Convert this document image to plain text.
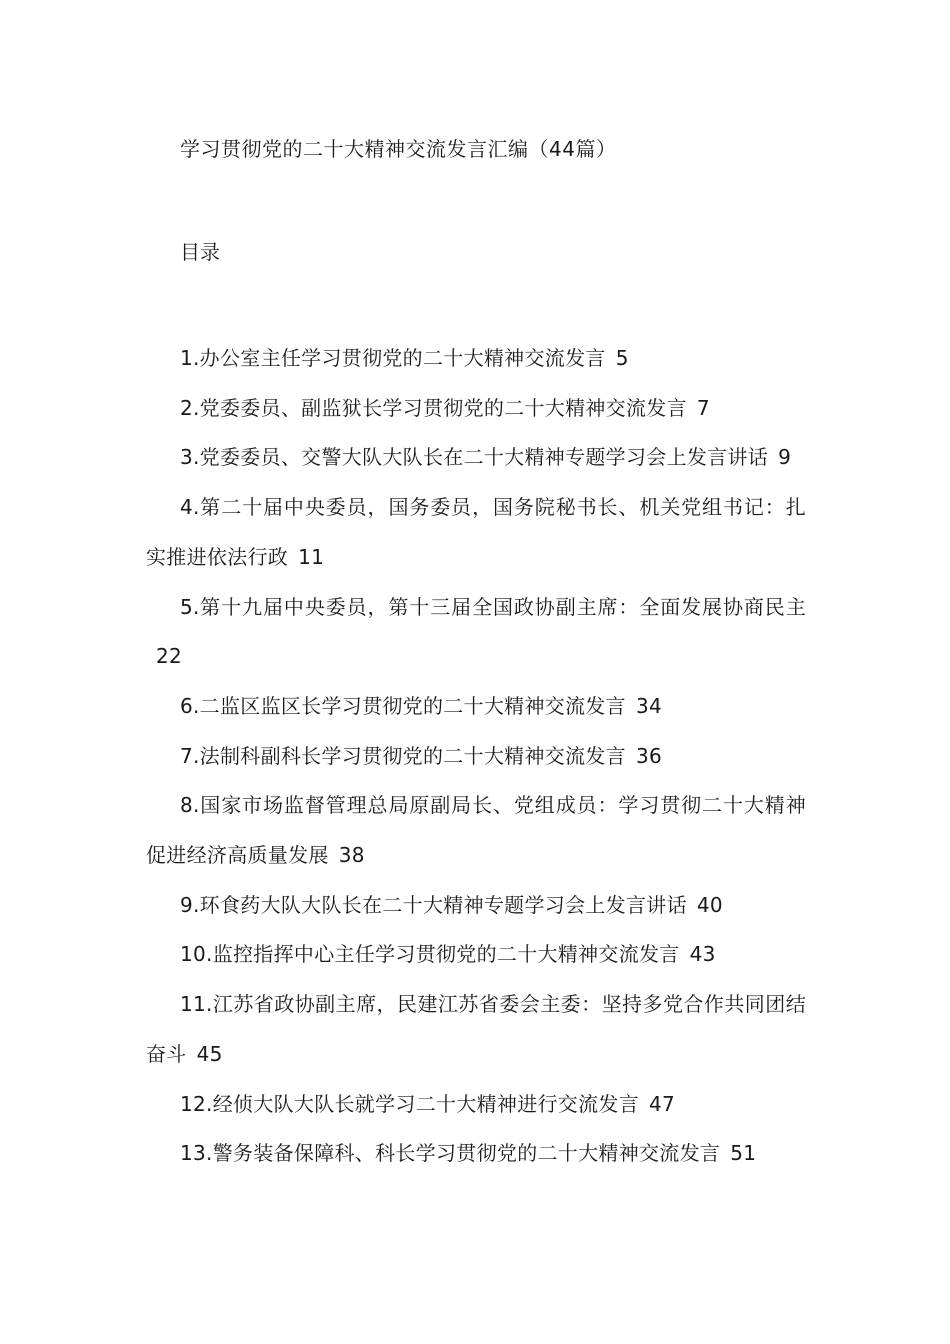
学习贯彻党的二十大精神交流发言汇编（44篇）
目录
1.办公室主任学习贯彻党的二十大精神交流发言 5
2.党委委员、副监狱长学习贯彻党的二十大精神交流发言 7
3.党委委员、交警大队大队长在二十大精神专题学习会上发言讲话 9
4.第二十届中央委员，国务委员，国务院秘书长、机关党组书记：扎实推进依法行政 11
5.第十九届中央委员，第十三届全国政协副主席：全面发展协商民主22
6.二监区监区长学习贯彻党的二十大精神交流发言 34
7.法制科副科长学习贯彻党的二十大精神交流发言 36
8.国家市场监督管理总局原副局长、党组成员：学习贯彻二十大精神促进经济高质量发展 38
9.环食药大队大队长在二十大精神专题学习会上发言讲话 40
10.监控指挥中心主任学习贯彻党的二十大精神交流发言 43
11.江苏省政协副主席，民建江苏省委会主委：坚持多党合作共同团结奋斗 45
12.经侦大队大队长就学习二十大精神进行交流发言 47
13.警务装备保障科、科长学习贯彻党的二十大精神交流发言 51
